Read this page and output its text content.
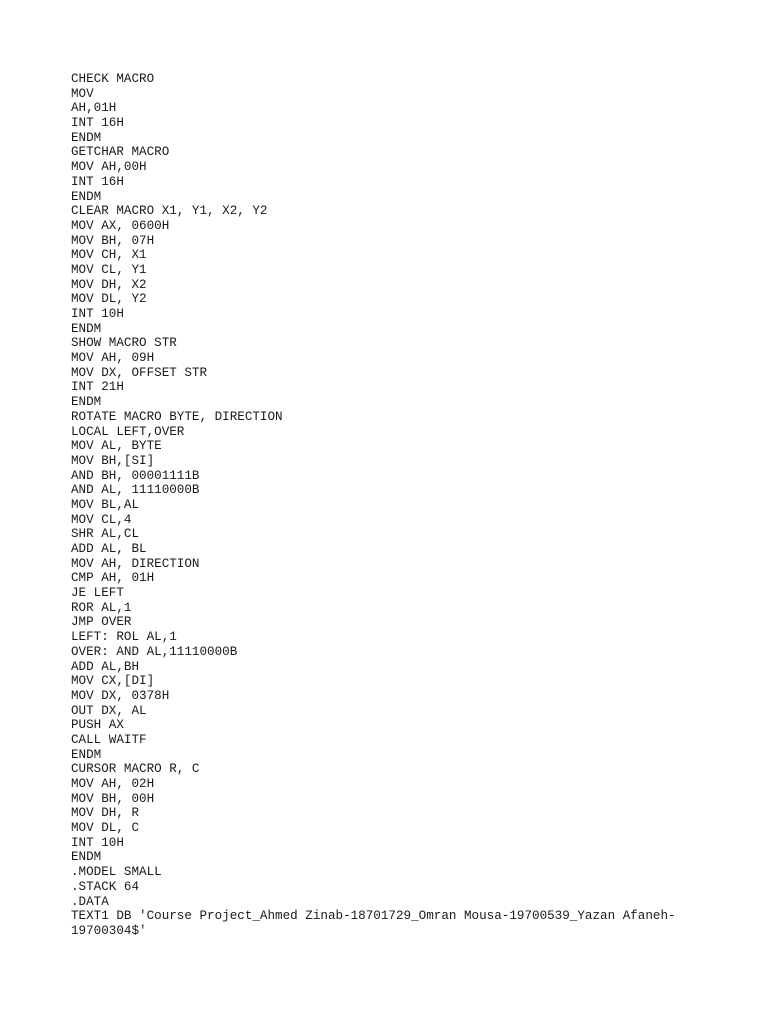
CHECK MACRO
MOV
AH,01H
INT 16H
ENDM
GETCHAR MACRO
MOV AH,00H
INT 16H
ENDM
CLEAR MACRO X1, Y1, X2, Y2
MOV AX, 0600H
MOV BH, 07H
MOV CH, X1
MOV CL, Y1
MOV DH, X2
MOV DL, Y2
INT 10H
ENDM
SHOW MACRO STR
MOV AH, 09H
MOV DX, OFFSET STR
INT 21H
ENDM
ROTATE MACRO BYTE, DIRECTION
LOCAL LEFT,OVER
MOV AL, BYTE
MOV BH,[SI]
AND BH, 00001111B
AND AL, 11110000B
MOV BL,AL
MOV CL,4
SHR AL,CL
ADD AL, BL
MOV AH, DIRECTION
CMP AH, 01H
JE LEFT
ROR AL,1
JMP OVER
LEFT: ROL AL,1
OVER: AND AL,11110000B
ADD AL,BH
MOV CX,[DI]
MOV DX, 0378H
OUT DX, AL
PUSH AX
CALL WAITF
ENDM
CURSOR MACRO R, C
MOV AH, 02H
MOV BH, 00H
MOV DH, R
MOV DL, C
INT 10H
ENDM
.MODEL SMALL
.STACK 64
.DATA
TEXT1 DB 'Course Project_Ahmed Zinab-18701729_Omran Mousa-19700539_Yazan Afaneh-
19700304$'
